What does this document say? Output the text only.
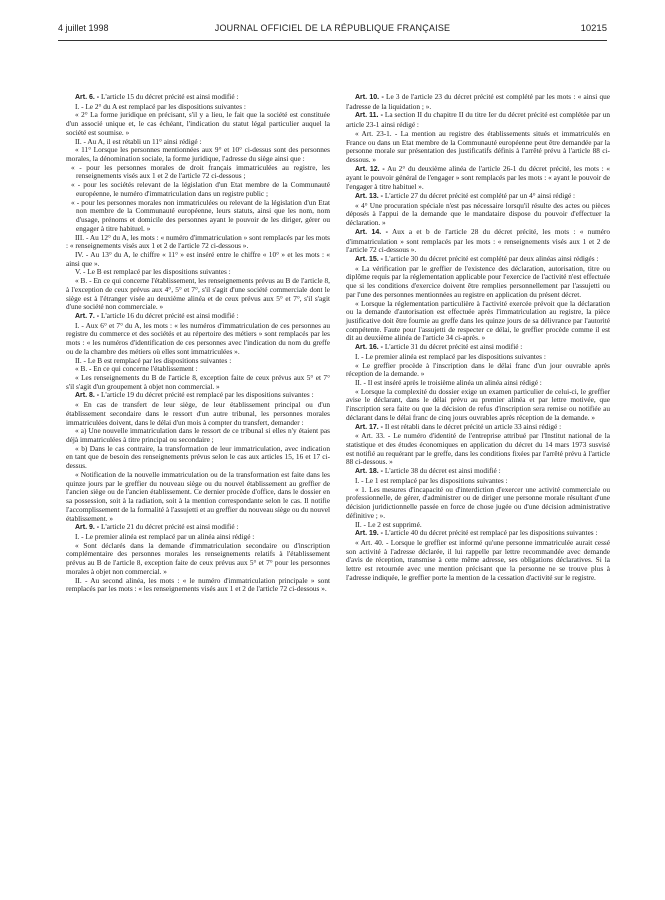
4 juillet 1998	JOURNAL OFFICIEL DE LA RÉPUBLIQUE FRANÇAISE	10215

Art. 6. - L'article 15 du décret précité est ainsi modifié :

I. - Le 2° du A est remplacé par les dispositions suivantes :

« 2° La forme juridique en précisant, s'il y a lieu, le fait que la société est constituée d'un associé unique et, le cas échéant, l'indication du statut légal particulier auquel la société est soumise. »

II. - Au A, il est rétabli un 11° ainsi rédigé :

« 11° Lorsque les personnes mentionnées aux 9° et 10° ci-dessus sont des personnes morales, la dénomination sociale, la forme juridique, l'adresse du siège ainsi que :

« - pour les personnes morales de droit français immatriculées au registre, les renseignements visés aux 1 et 2 de l'article 72 ci-dessous ;

« - pour les sociétés relevant de la législation d'un Etat membre de la Communauté européenne, le numéro d'immatriculation dans un registre public ;

« - pour les personnes morales non immatriculées ou relevant de la législation d'un Etat non membre de la Communauté européenne, leurs statuts, ainsi que les nom, nom d'usage, prénoms et domicile des personnes ayant le pouvoir de les diriger, gérer ou engager à titre habituel. »

III. - Au 12° du A, les mots : « numéro d'immatriculation » sont remplacés par les mots : « renseignements visés aux 1 et 2 de l'article 72 ci-dessous ».

IV. - Au 13° du A, le chiffre « 11° » est inséré entre le chiffre « 10° » et les mots : « ainsi que ».

V. - Le B est remplacé par les dispositions suivantes :

« B. - En ce qui concerne l'établissement, les renseignements prévus au B de l'article 8, à l'exception de ceux prévus aux 4°, 5° et 7°, s'il s'agit d'une société commerciale dont le siège est à l'étranger visée au deuxième alinéa et de ceux prévus aux 5° et 7°, s'il s'agit d'une société non commerciale. »

Art. 7. - L'article 16 du décret précité est ainsi modifié :

I. - Aux 6° et 7° du A, les mots : « les numéros d'immatriculation de ces personnes au registre du commerce et des sociétés et au répertoire des métiers » sont remplacés par les mots : « les numéros d'identification de ces personnes avec l'indication du nom du greffe ou de la chambre des métiers où elles sont immatriculées ».

II. - Le B est remplacé par les dispositions suivantes :

« B. - En ce qui concerne l'établissement :

« Les renseignements du B de l'article 8, exception faite de ceux prévus aux 5° et 7° s'il s'agit d'un groupement à objet non commercial. »

Art. 8. - L'article 19 du décret précité est remplacé par les dispositions suivantes :

« En cas de transfert de leur siège, de leur établissement principal ou d'un établissement secondaire dans le ressort d'un autre tribunal, les personnes morales immatriculées doivent, dans le délai d'un mois à compter du transfert, demander :

« a) Une nouvelle immatriculation dans le ressort de ce tribunal si elles n'y étaient pas déjà immatriculées à titre principal ou secondaire ;

« b) Dans le cas contraire, la transformation de leur immatriculation, avec indication en tant que de besoin des renseignements prévus selon le cas aux articles 15, 16 et 17 ci-dessus.

« Notification de la nouvelle immatriculation ou de la transformation est faite dans les quinze jours par le greffier du nouveau siège ou du nouvel établissement au greffier de l'ancien siège ou de l'ancien établissement. Ce dernier procède d'office, dans le dossier en sa possession, soit à la radiation, soit à la mention correspondante selon le cas. Il notifie l'accomplissement de la formalité à l'assujetti et au greffier du nouveau siège ou du nouvel établissement. »

Art. 9. - L'article 21 du décret précité est ainsi modifié :

I. - Le premier alinéa est remplacé par un alinéa ainsi rédigé :

« Sont déclarés dans la demande d'immatriculation secondaire ou d'inscription complémentaire des personnes morales les renseignements relatifs à l'établissement prévus au B de l'article 8, exception faite de ceux prévus aux 5° et 7° pour les personnes morales à objet non commercial. »

II. - Au second alinéa, les mots : « le numéro d'immatriculation principale » sont remplacés par les mots : « les renseignements visés aux 1 et 2 de l'article 72 ci-dessous ».

Art. 10. - Le 3 de l'article 23 du décret précité est complété par les mots : « ainsi que l'adresse de la liquidation ; ».

Art. 11. - La section II du chapitre II du titre Ier du décret précité est complétée par un article 23-1 ainsi rédigé :

« Art. 23-1. - La mention au registre des établissements situés et immatriculés en France ou dans un Etat membre de la Communauté européenne peut être demandée par la personne morale sur présentation des justificatifs définis à l'arrêté prévu à l'article 88 ci-dessous. »

Art. 12. - Au 2° du deuxième alinéa de l'article 26-1 du décret précité, les mots : « ayant le pouvoir général de l'engager » sont remplacés par les mots : « ayant le pouvoir de l'engager à titre habituel ».

Art. 13. - L'article 27 du décret précité est complété par un 4° ainsi rédigé :

« 4° Une procuration spéciale n'est pas nécessaire lorsqu'il résulte des actes ou pièces déposés à l'appui de la demande que le mandataire dispose du pouvoir d'effectuer la déclaration. »

Art. 14. - Aux a et b de l'article 28 du décret précité, les mots : « numéro d'immatriculation » sont remplacés par les mots : « renseignements visés aux 1 et 2 de l'article 72 ci-dessous ».

Art. 15. - L'article 30 du décret précité est complété par deux alinéas ainsi rédigés :

« La vérification par le greffier de l'existence des déclaration, autorisation, titre ou diplôme requis par la réglementation applicable pour l'exercice de l'activité n'est effectuée que si les conditions d'exercice doivent être remplies personnellement par l'assujetti ou par l'une des personnes mentionnées au registre en application du présent décret.

« Lorsque la réglementation particulière à l'activité exercée prévoit que la déclaration ou la demande d'autorisation est effectuée après l'immatriculation au registre, la pièce justificative doit être fournie au greffe dans les quinze jours de sa délivrance par l'autorité compétente. Faute pour l'assujetti de respecter ce délai, le greffier procède comme il est dit au deuxième alinéa de l'article 34 ci-après. »

Art. 16. - L'article 31 du décret précité est ainsi modifié :

I. - Le premier alinéa est remplacé par les dispositions suivantes :

« Le greffier procède à l'inscription dans le délai franc d'un jour ouvrable après réception de la demande. »

II. - Il est inséré après le troisième alinéa un alinéa ainsi rédigé :

« Lorsque la complexité du dossier exige un examen particulier de celui-ci, le greffier avise le déclarant, dans le délai prévu au premier alinéa et par lettre motivée, que l'inscription sera faite ou que la décision de refus d'inscription sera remise ou notifiée au déclarant dans le délai franc de cinq jours ouvrables après réception de la demande. »

Art. 17. - Il est rétabli dans le décret précité un article 33 ainsi rédigé :

« Art. 33. - Le numéro d'identité de l'entreprise attribué par l'Institut national de la statistique et des études économiques en application du décret du 14 mars 1973 susvisé est notifié au requérant par le greffe, dans les conditions fixées par l'arrêté prévu à l'article 88 ci-dessous. »

Art. 18. - L'article 38 du décret est ainsi modifié :

I. - Le 1 est remplacé par les dispositions suivantes :

« 1. Les mesures d'incapacité ou d'interdiction d'exercer une activité commerciale ou professionnelle, de gérer, d'administrer ou de diriger une personne morale résultant d'une décision juridictionnelle passée en force de chose jugée ou d'une décision administrative définitive ; ».

II. - Le 2 est supprimé.

Art. 19. - L'article 40 du décret précité est remplacé par les dispositions suivantes :

« Art. 40. - Lorsque le greffier est informé qu'une personne immatriculée aurait cessé son activité à l'adresse déclarée, il lui rappelle par lettre recommandée avec demande d'avis de réception, transmise à cette même adresse, ses obligations déclaratives. Si la lettre est retournée avec une mention précisant que la personne ne se trouve plus à l'adresse indiquée, le greffier porte la mention de la cessation d'activité sur le registre.
